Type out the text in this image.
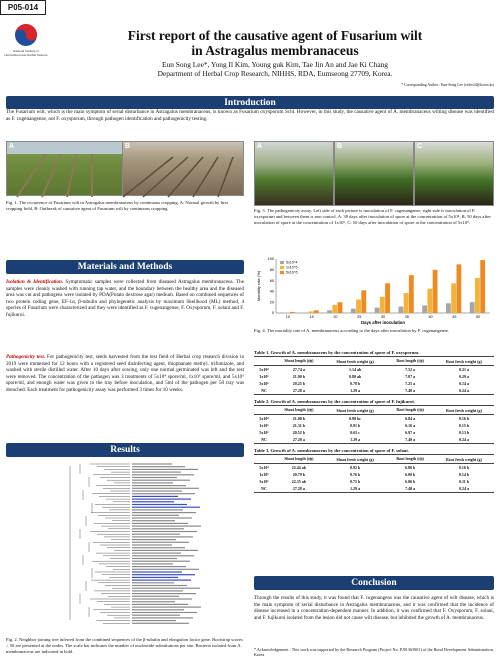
P05-014
National Institute of
Horticultural and Herbal Science
First report of the causative agent of Fusarium wilt
in Astragalus membranaceus
Eun Song Lee*, Yong Il Kim, Young guk Kim, Tae Jin An and Jae Ki Chang
Department of Herbal Crop Research, NIHHS, RDA, Eumseong 27709, Korea.
* Corresponding Author : Eun-Song Lee (celee24@korea.kr)
Introduction
The Fusarium wilt, which is the main symptom of serial disturbance in Astragalus membranaceus, is known as Fusarium oxysporum Schl. However, in this study, the causative agent of A. membranaceus wilting disease was identified as F. cugenangense, not F. oxysporum, through pathogen identification and pathogenicity testing.
A	B
Fig. 1. The occurrence of Fusarium wilt in Astragalus membranaceus by continuous cropping. A: Normal growth by first cropping field, B: Outbreak of causative agent of Fusarium wilt by continuous cropping.
A	B	C
Fig. 3. The pathogenicity assay. Left side of each picture is inoculation of F. cugenangense, right side is inoculation of F. oxysporum and between them is non control. A: 30 days after inoculation of spore at the concentration of 5x10⁴, B: 50 days after inoculation of spore at the concentration of 1x10⁵, C: 50 days after inoculation of spore at the concentration of 5x10⁵.
Materials and Methods
Isolation & Identification. Symptomatic samples were collected from diseased Astragalus membranaceus. The samples were cleanly washed with running tap water, and the boundary between the healthy area and the diseased area was cut and pathogens were isolated by PDA(Potato dextrose agar) medium. Based on combined sequences of two protein coding gene, EF-1α, β-tubulin and phylogenetic analysis by maximum likelihood (ML) method, 4 species of Fusarium were characterized and they were identified as F. cugenangense, F. Oxysporum, F. solani and F. fujikuroi.
Pathogenicity test. For pathogenicity test, seeds harvested from the test field of Herbal crop research division in 2019 were immersed for 12 hours with a registered seed disinfecting agent, thiophanate methyl. trifumizole, and washed with sterile distilled water. After 10 days after sowing, only one normal germinated was left and the rest were removed. The concentration of the pathogen was 3 treatments of 5x10⁴ spore/ml, 1x10⁵ spore/ml, and 5x10⁵ spore/ml, and enough water was given to the tray before inoculation, and 5ml of the pathogen per 50 tray was drenched. Each treatment for pathogenicity assay was performed 3 times for 10 weeks.
Results
Fig. 2. Neighbor joining tree inferred from the combined sequences of the β-tubulin and elongation factor gene. Bootstrap scores > 50 are presented at the nodes. The scale bar indicates the number of nucleotide substitutions per site. Bacteria isolated from A. membranaceus are indicated in bold.
0
20
40
60
80
100
Mortality rate (%)
10	15	20	25	30	35	40	45	50
Days after inoculation
5x10^4
1x10^5
5x10^5
Fig. 4. The mortality rate of A. membranaceus according to the days after inoculation by F. cugenangense.
Table 1. Growth of A. membranaceus by the concentration of spore of F. oxysporum.
	Shoot length (㎝)	Shoot fresh weight (g)	Root length (㎝)	Root fresh weight (g)
5x10⁴	27.74 a	1.14 ab	7.52 a	0.21 a
1x10⁵	21.90 b	0.80 ab	7.07 a	0.29 a
5x10⁵	20.25 b	0.78 b	7.25 a	0.14 a
NC	27.28 a	1.29 a	7.40 a	0.24 a
Table 2. Growth of A. membranaceus by the concentration of spore of F. fujikuroi.
	Shoot length (㎝)	Shoot fresh weight (g)	Root length (㎝)	Root fresh weight (g)
5x10⁴	21.00 b	0.80 bc	6.84 a	0.16 b
1x10⁵	21.31 b	0.91 b	6.16 a	0.15 b
5x10⁵	20.52 b	0.65 c	6.97 a	0.13 b
NC	27.28 a	1.29 a	7.40 a	0.24 a
Table 3. Growth of A. membranaceus by the concentration of spore of F. solani.
	Shoot length (㎝)	Shoot fresh weight (g)	Root length (㎝)	Root fresh weight (g)
5x10⁴	22.44 ab	0.92 b	6.86 b	0.16 b
1x10⁵	20.79 b	0.76 b	6.00 b	0.14 b
5x10⁵	22.35 ab	0.75 b	6.06 b	0.11 b
NC	27.28 a	1.29 a	7.40 a	0.24 a
Conclusion
Through the results of this study, it was found that F. cugenangens was the causative agent of wilt disease, which is the main symptom of serial disturbance in Astragalus membranaceus, and it was confirmed that the incidence of disease increased in a concentration-dependent manner. In addition, it was confirmed that F. Oxysporum, F. solani, and F. fujikuroi isolated from the lesion did not cause wilt disease, but inhibited the growth of A. membranaceus.
* Acknowledgement : This work was supported by the Research Program (Project No. PJ01363001) of the Rural Development Administration, Korea
